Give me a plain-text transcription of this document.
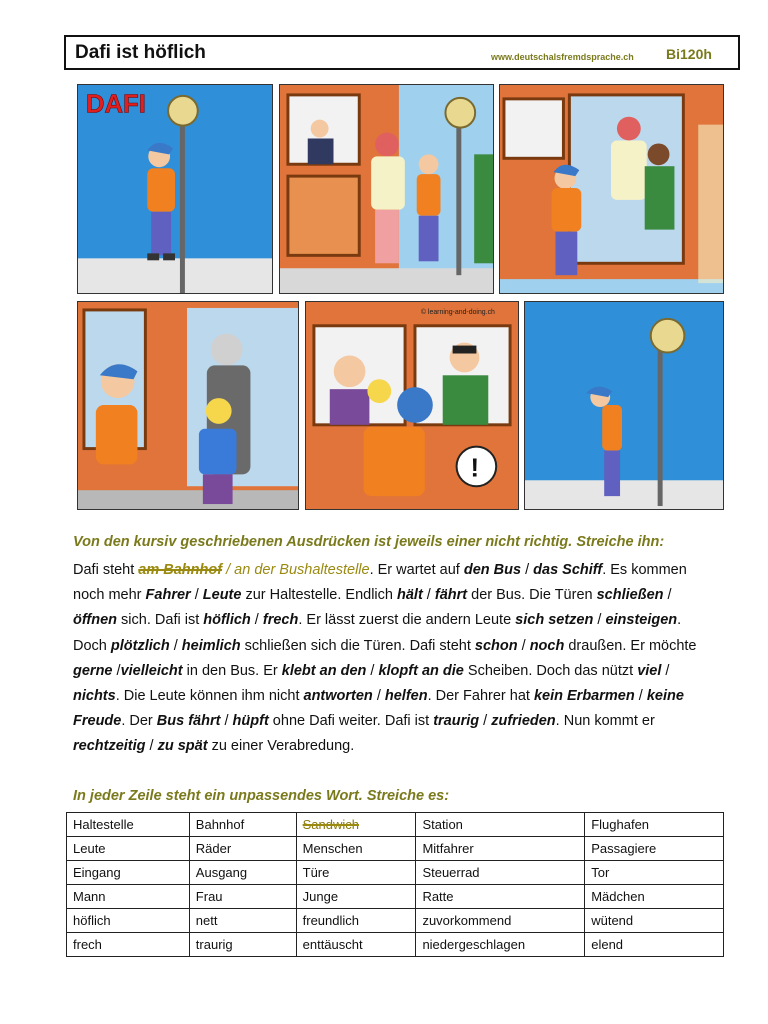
Dafi ist höflich	www.deutschalsfremdsprache.ch Bi120h
DAFI
© learning-and-doing.ch
!
Von den kursiv geschriebenen Ausdrücken ist jeweils einer nicht richtig. Streiche ihn:
Dafi steht am Bahnhof / an der Bushaltestelle. Er wartet auf den Bus / das Schiff. Es kommen noch mehr Fahrer / Leute zur Haltestelle. Endlich hält / fährt der Bus. Die Türen schließen / öffnen sich. Dafi ist höflich / frech. Er lässt zuerst die andern Leute sich setzen / einsteigen. Doch plötzlich / heimlich schließen sich die Türen. Dafi steht schon / noch draußen. Er möchte gerne /vielleicht in den Bus. Er klebt an den / klopft an die Scheiben. Doch das nützt viel / nichts. Die Leute können ihm nicht antworten / helfen. Der Fahrer hat kein Erbarmen / keine Freude. Der Bus fährt / hüpft ohne Dafi weiter. Dafi ist traurig / zufrieden. Nun kommt er rechtzeitig / zu spät zu einer Verabredung.
In jeder Zeile steht ein unpassendes Wort. Streiche es:
Haltestelle	Bahnhof	Sandwich	Station	Flughafen
Leute	Räder	Menschen	Mitfahrer	Passagiere
Eingang	Ausgang	Türe	Steuerrad	Tor
Mann	Frau	Junge	Ratte	Mädchen
höflich	nett	freundlich	zuvorkommend	wütend
frech	traurig	enttäuscht	niedergeschlagen	elend
